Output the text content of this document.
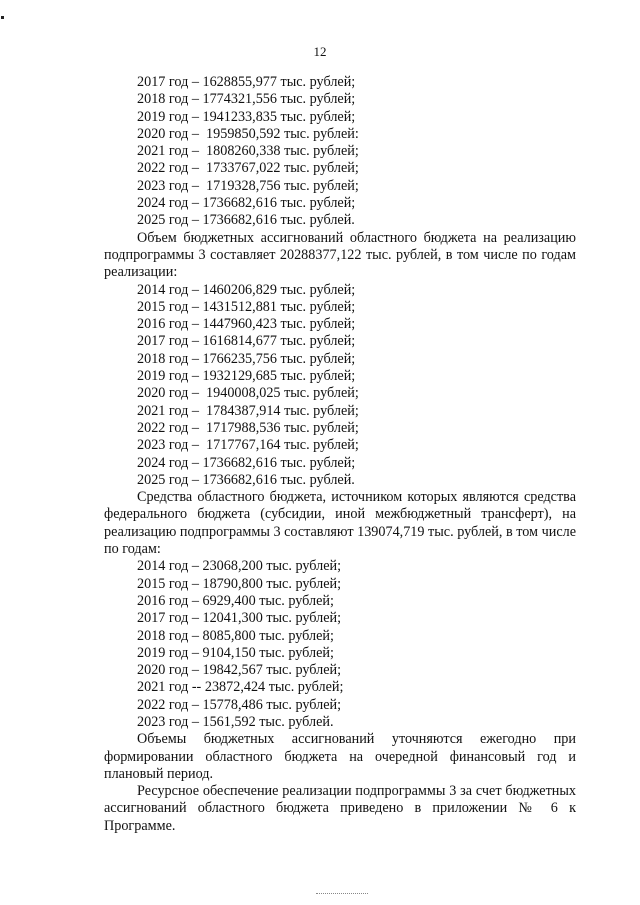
12
2017 год – 1628855,977 тыс. рублей;
2018 год – 1774321,556 тыс. рублей;
2019 год – 1941233,835 тыс. рублей;
2020 год –  1959850,592 тыс. рублей:
2021 год –  1808260,338 тыс. рублей;
2022 год –  1733767,022 тыс. рублей;
2023 год –  1719328,756 тыс. рублей;
2024 год – 1736682,616 тыс. рублей;
2025 год – 1736682,616 тыс. рублей.

Объем бюджетных ассигнований областного бюджета на реализацию подпрограммы 3 составляет 20288377,122 тыс. рублей, в том числе по годам реализации:

2014 год – 1460206,829 тыс. рублей;
2015 год – 1431512,881 тыс. рублей;
2016 год – 1447960,423 тыс. рублей;
2017 год – 1616814,677 тыс. рублей;
2018 год – 1766235,756 тыс. рублей;
2019 год – 1932129,685 тыс. рублей;
2020 год –  1940008,025 тыс. рублей;
2021 год –  1784387,914 тыс. рублей;
2022 год –  1717988,536 тыс. рублей;
2023 год –  1717767,164 тыс. рублей;
2024 год – 1736682,616 тыс. рублей;
2025 год – 1736682,616 тыс. рублей.

Средства областного бюджета, источником которых являются средства федерального бюджета (субсидии, иной межбюджетный трансферт), на реализацию подпрограммы 3 составляют 139074,719 тыс. рублей, в том числе по годам:

2014 год – 23068,200 тыс. рублей;
2015 год – 18790,800 тыс. рублей;
2016 год – 6929,400 тыс. рублей;
2017 год – 12041,300 тыс. рублей;
2018 год – 8085,800 тыс. рублей;
2019 год – 9104,150 тыс. рублей;
2020 год – 19842,567 тыс. рублей;
2021 год -- 23872,424 тыс. рублей;
2022 год – 15778,486 тыс. рублей;
2023 год – 1561,592 тыс. рублей.

Объемы бюджетных ассигнований уточняются ежегодно при формировании областного бюджета на очередной финансовый год и плановый период.

Ресурсное обеспечение реализации подпрограммы 3 за счет бюджетных ассигнований областного бюджета приведено в приложении № 6 к Программе.
